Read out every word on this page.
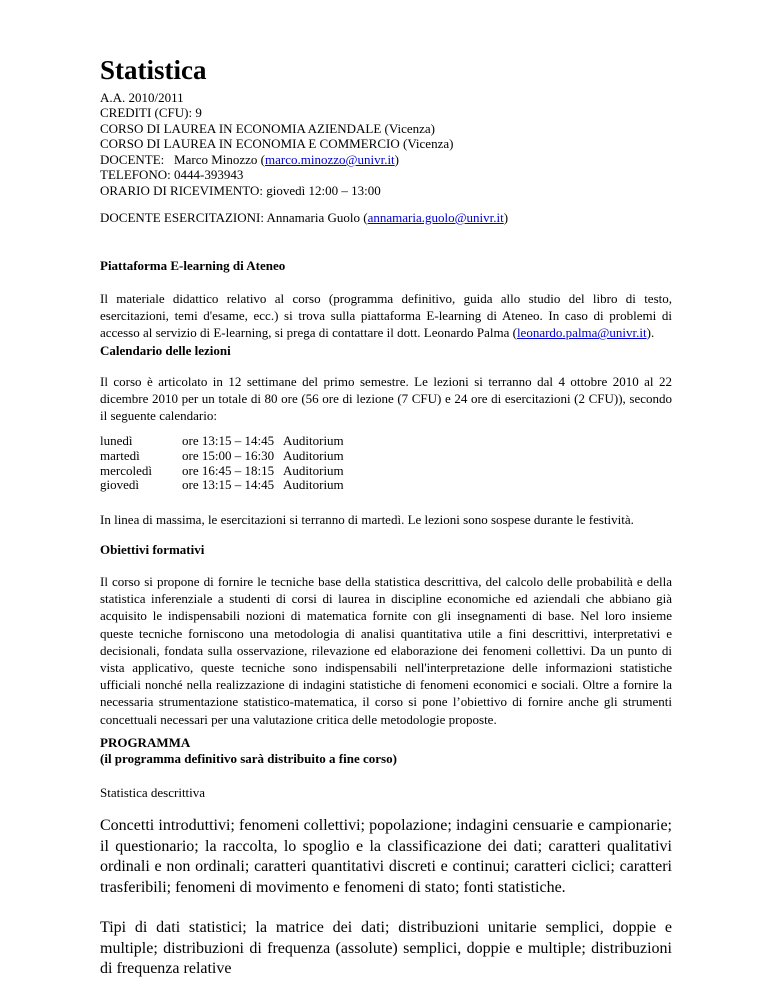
Statistica
A.A. 2010/2011
CREDITI (CFU): 9
CORSO DI LAUREA IN ECONOMIA AZIENDALE (Vicenza)
CORSO DI LAUREA IN ECONOMIA E COMMERCIO (Vicenza)
DOCENTE: Marco Minozzo (marco.minozzo@univr.it)
TELEFONO: 0444-393943
ORARIO DI RICEVIMENTO: giovedì 12:00 – 13:00
DOCENTE ESERCITAZIONI: Annamaria Guolo (annamaria.guolo@univr.it)
Piattaforma E-learning di Ateneo
Il materiale didattico relativo al corso (programma definitivo, guida allo studio del libro di testo, esercitazioni, temi d'esame, ecc.) si trova sulla piattaforma E-learning di Ateneo. In caso di problemi di accesso al servizio di E-learning, si prega di contattare il dott. Leonardo Palma (leonardo.palma@univr.it).
Calendario delle lezioni
Il corso è articolato in 12 settimane del primo semestre. Le lezioni si terranno dal 4 ottobre 2010 al 22 dicembre 2010 per un totale di 80 ore (56 ore di lezione (7 CFU) e 24 ore di esercitazioni (2 CFU)), secondo il seguente calendario:
lunedì	ore 13:15 – 14:45 Auditorium
martedì	ore 15:00 – 16:30 Auditorium
mercoledì	ore 16:45 – 18:15 Auditorium
giovedì	ore 13:15 – 14:45 Auditorium
In linea di massima, le esercitazioni si terranno di martedì. Le lezioni sono sospese durante le festività.
Obiettivi formativi
Il corso si propone di fornire le tecniche base della statistica descrittiva, del calcolo delle probabilità e della statistica inferenziale a studenti di corsi di laurea in discipline economiche ed aziendali che abbiano già acquisito le indispensabili nozioni di matematica fornite con gli insegnamenti di base. Nel loro insieme queste tecniche forniscono una metodologia di analisi quantitativa utile a fini descrittivi, interpretativi e decisionali, fondata sulla osservazione, rilevazione ed elaborazione dei fenomeni collettivi. Da un punto di vista applicativo, queste tecniche sono indispensabili nell'interpretazione delle informazioni statistiche ufficiali nonché nella realizzazione di indagini statistiche di fenomeni economici e sociali. Oltre a fornire la necessaria strumentazione statistico-matematica, il corso si pone l’obiettivo di fornire anche gli strumenti concettuali necessari per una valutazione critica delle metodologie proposte.
PROGRAMMA
(il programma definitivo sarà distribuito a fine corso)
Statistica descrittiva
Concetti introduttivi; fenomeni collettivi; popolazione; indagini censuarie e campionarie; il questionario; la raccolta, lo spoglio e la classificazione dei dati; caratteri qualitativi ordinali e non ordinali; caratteri quantitativi discreti e continui; caratteri ciclici; caratteri trasferibili; fenomeni di movimento e fenomeni di stato; fonti statistiche.
Tipi di dati statistici; la matrice dei dati; distribuzioni unitarie semplici, doppie e multiple; distribuzioni di frequenza (assolute) semplici, doppie e multiple; distribuzioni di frequenza relative
